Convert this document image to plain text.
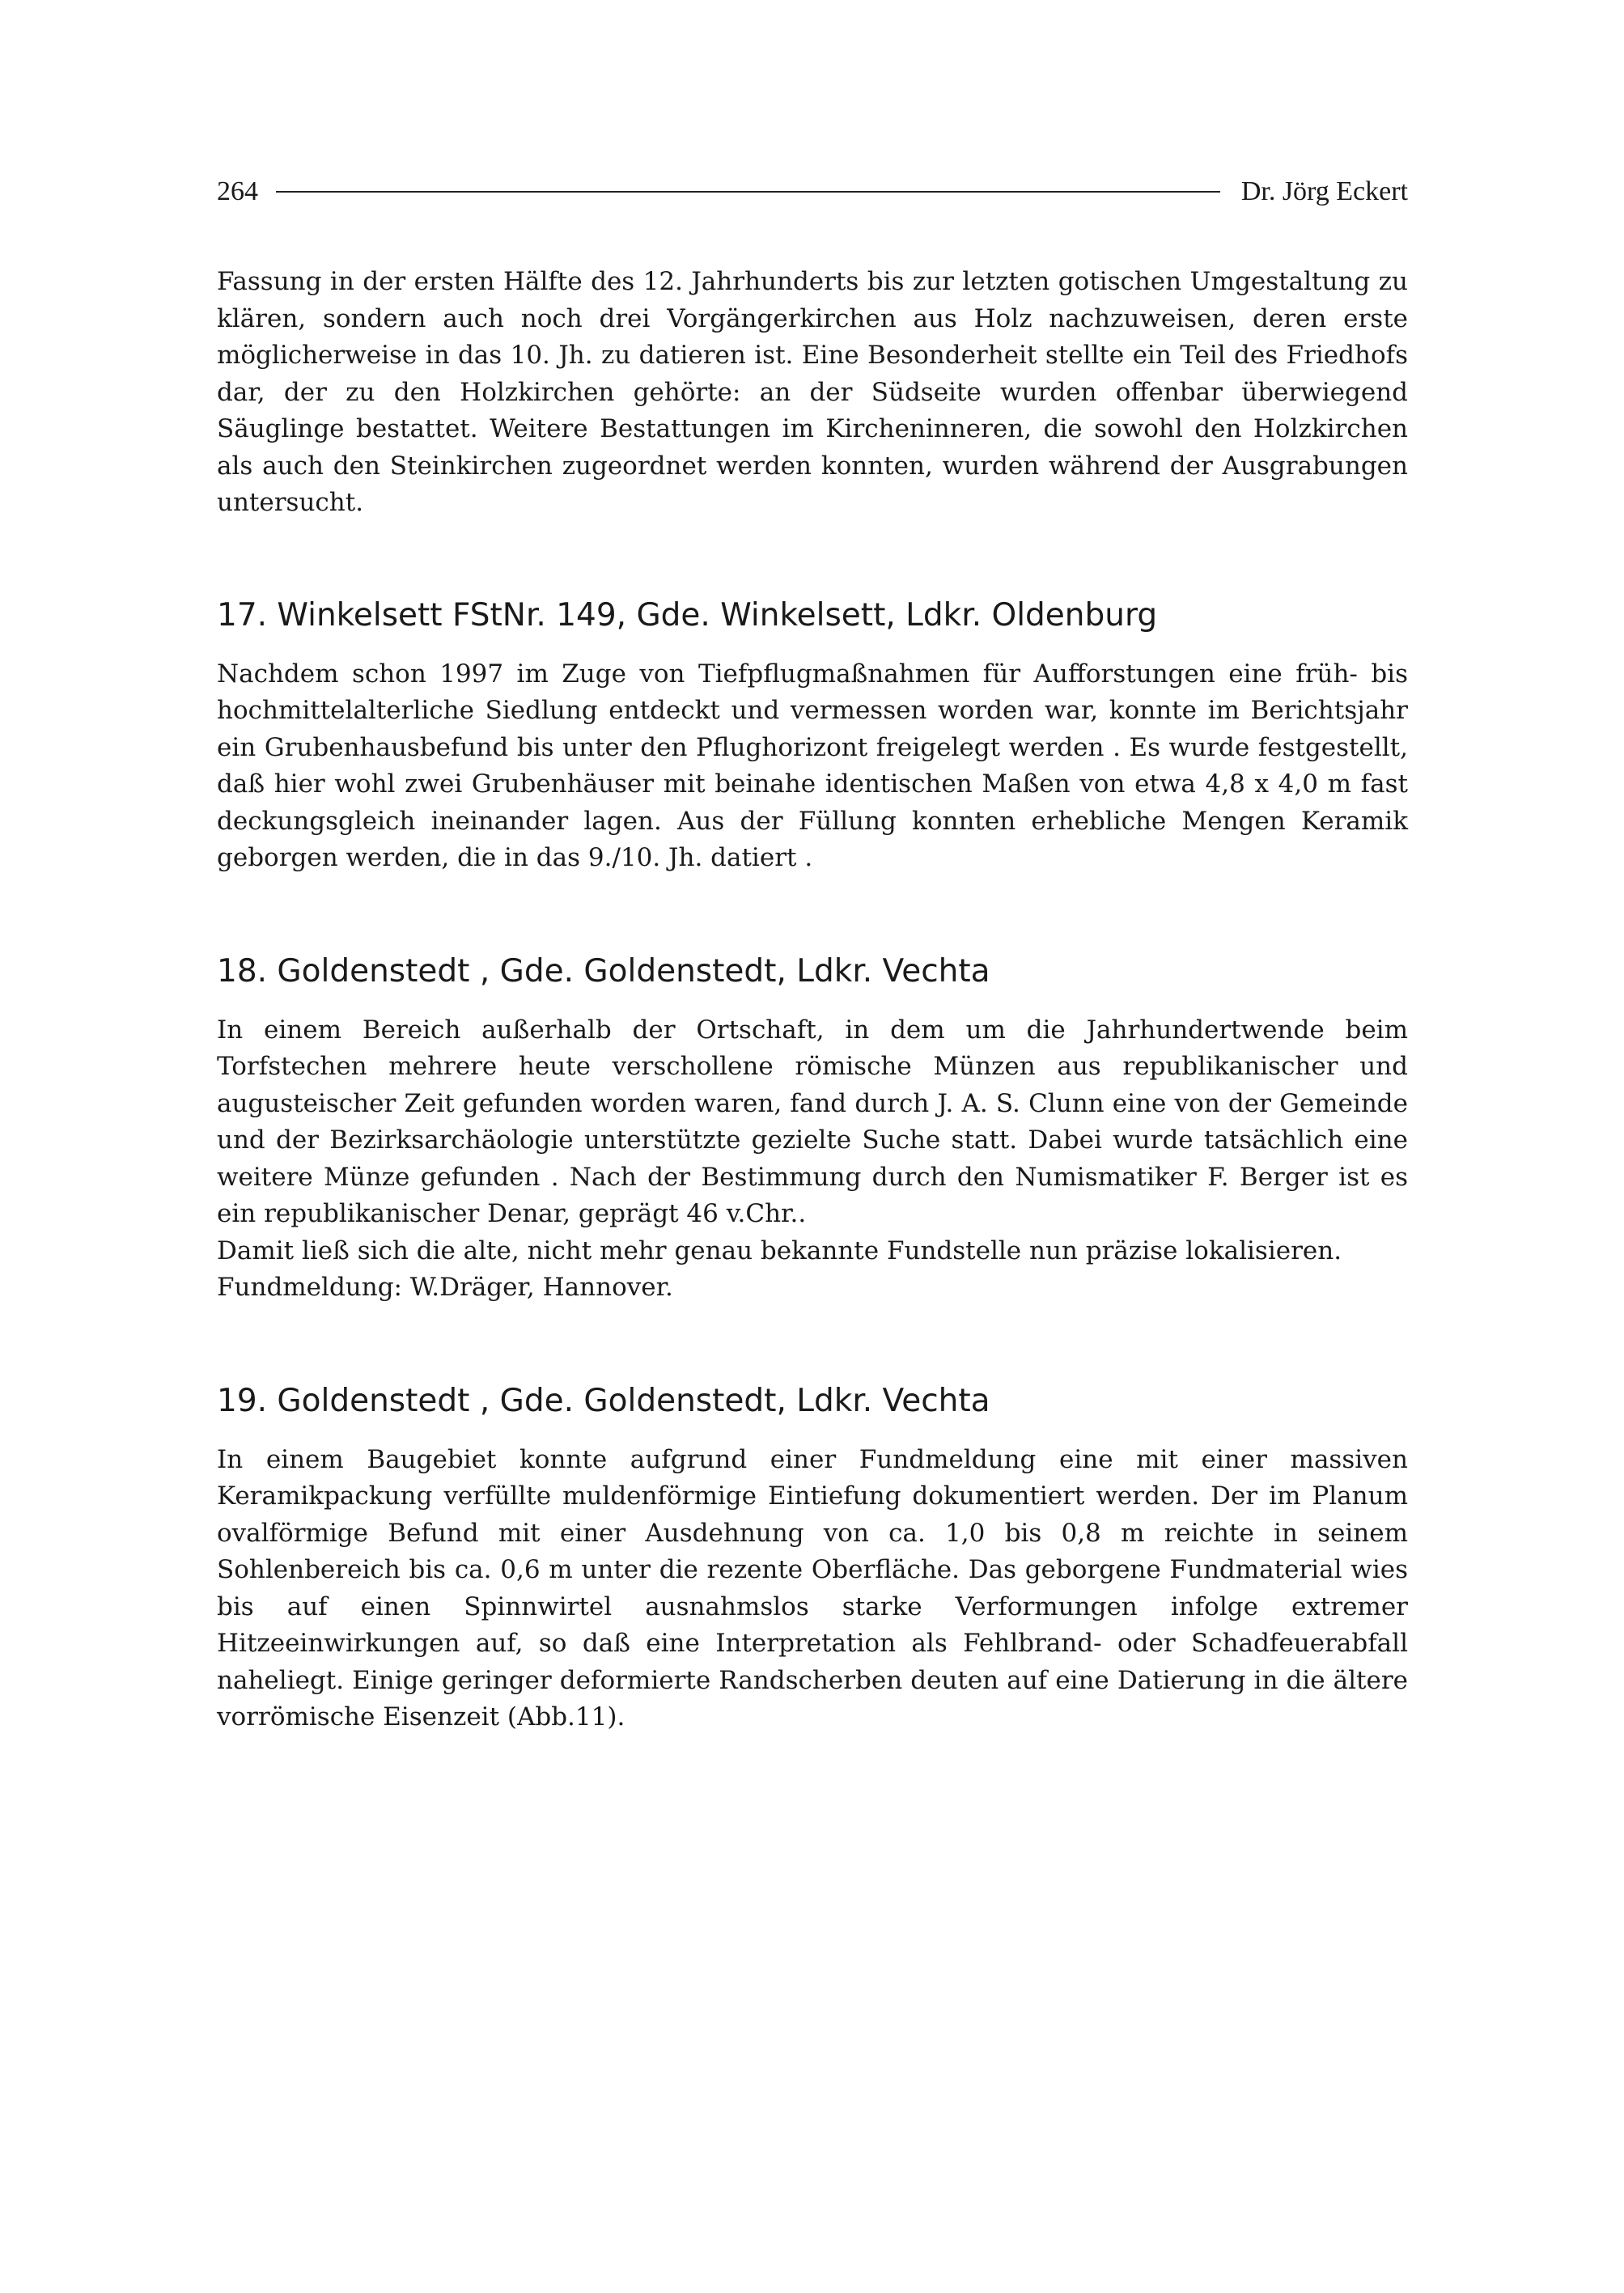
264	Dr. Jörg Eckert

Fassung in der ersten Hälfte des 12. Jahrhunderts bis zur letzten gotischen Umgestaltung zu klären, sondern auch noch drei Vorgängerkirchen aus Holz nachzuweisen, deren erste möglicherweise in das 10. Jh. zu datieren ist. Eine Besonderheit stellte ein Teil des Friedhofs dar, der zu den Holzkirchen gehörte: an der Südseite wurden offenbar überwiegend Säuglinge bestattet. Weitere Bestattungen im Kircheninneren, die sowohl den Holzkirchen als auch den Steinkirchen zugeordnet werden konnten, wurden während der Ausgrabungen untersucht.

17. Winkelsett FStNr. 149, Gde. Winkelsett, Ldkr. Oldenburg

Nachdem schon 1997 im Zuge von Tiefpflugmaßnahmen für Aufforstungen eine früh- bis hochmittelalterliche Siedlung entdeckt und vermessen worden war, konnte im Berichtsjahr ein Grubenhausbefund bis unter den Pflughorizont freigelegt werden . Es wurde festgestellt, daß hier wohl zwei Grubenhäuser mit beinahe identischen Maßen von etwa 4,8 x 4,0 m fast deckungsgleich ineinander lagen. Aus der Füllung konnten erhebliche Mengen Keramik geborgen werden, die in das 9./10. Jh. datiert .

18. Goldenstedt , Gde. Goldenstedt, Ldkr. Vechta

In einem Bereich außerhalb der Ortschaft, in dem um die Jahrhundertwende beim Torfstechen mehrere heute verschollene römische Münzen aus republikanischer und augusteischer Zeit gefunden worden waren, fand durch J. A. S. Clunn eine von der Gemeinde und der Bezirksarchäologie unterstützte gezielte Suche statt. Dabei wurde tatsächlich eine weitere Münze gefunden . Nach der Bestimmung durch den Numismatiker F. Berger ist es ein republikanischer Denar, geprägt 46 v.Chr..

Damit ließ sich die alte, nicht mehr genau bekannte Fundstelle nun präzise lokalisieren.

Fundmeldung: W.Dräger, Hannover.

19. Goldenstedt , Gde. Goldenstedt, Ldkr. Vechta

In einem Baugebiet konnte aufgrund einer Fundmeldung eine mit einer massiven Keramikpackung verfüllte muldenförmige Eintiefung dokumentiert werden. Der im Planum ovalförmige Befund mit einer Ausdehnung von ca. 1,0 bis 0,8 m reichte in seinem Sohlenbereich bis ca. 0,6 m unter die rezente Oberfläche. Das geborgene Fundmaterial wies bis auf einen Spinnwirtel ausnahmslos starke Verformungen infolge extremer Hitzeeinwirkungen auf, so daß eine Interpretation als Fehlbrand- oder Schadfeuerabfall naheliegt. Einige geringer deformierte Randscherben deuten auf eine Datierung in die ältere vorrömische Eisenzeit (Abb.11).
